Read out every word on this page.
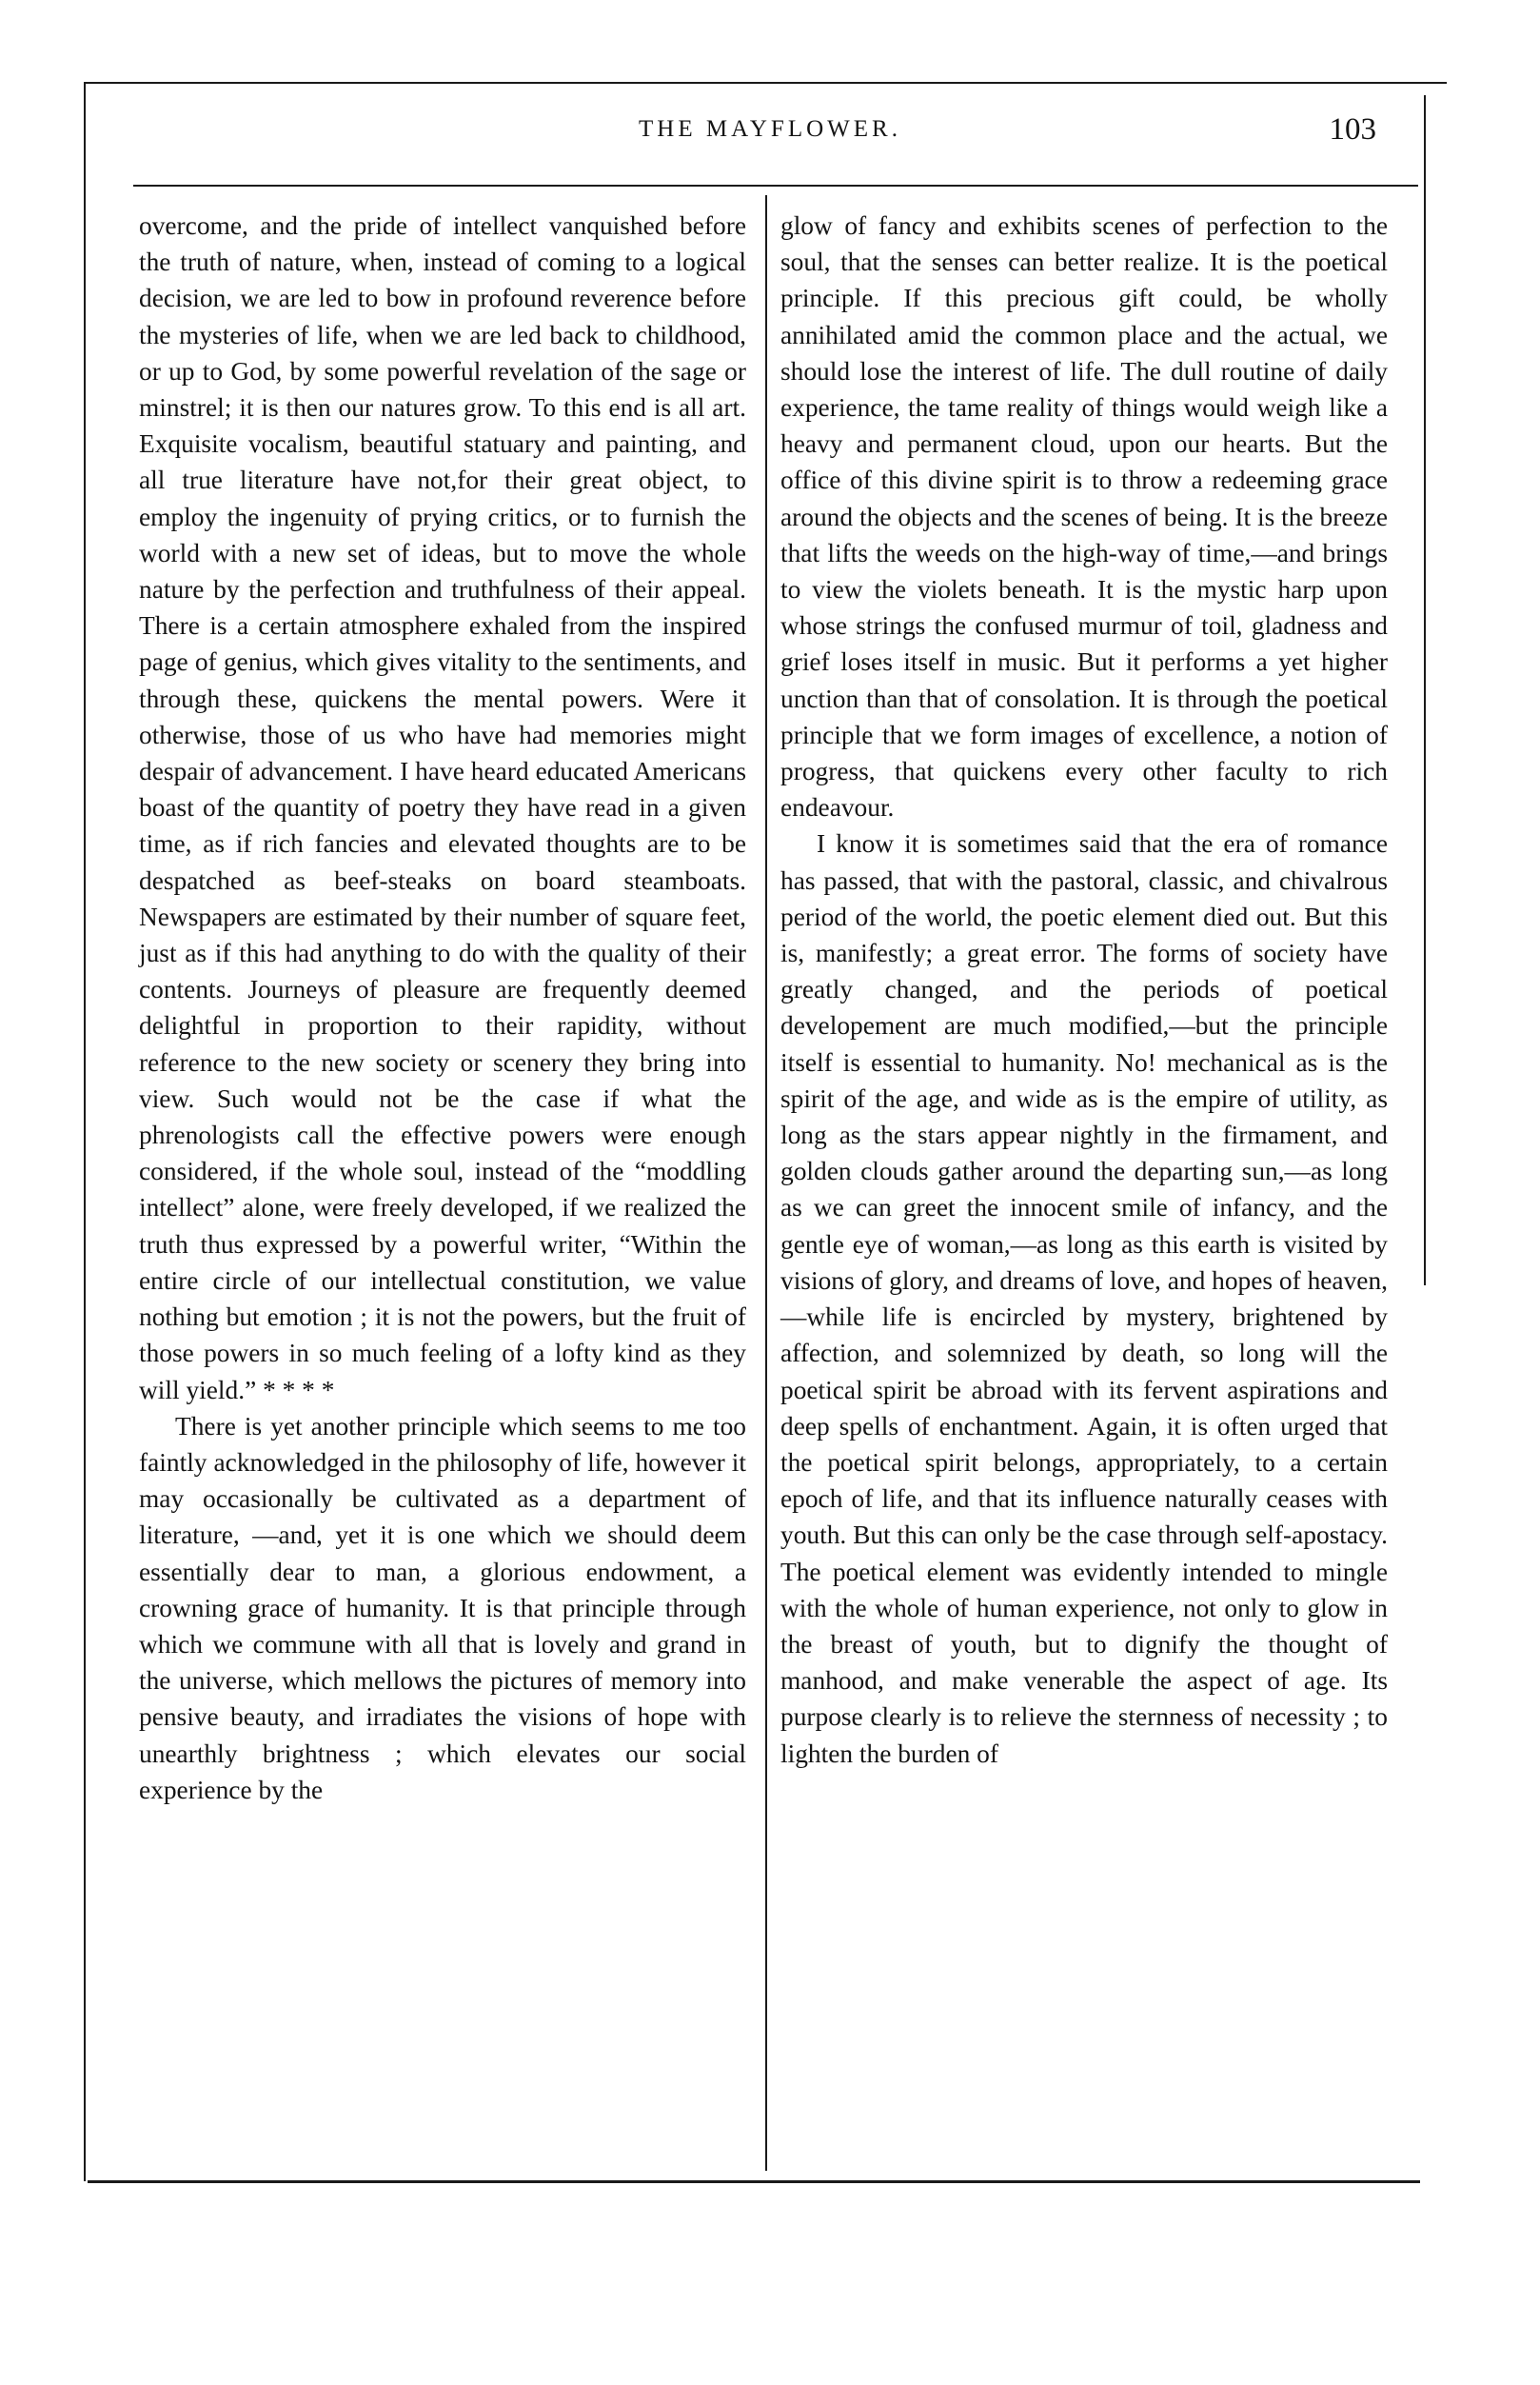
THE MAYFLOWER.	103

overcome, and the pride of intellect vanquished before the truth of nature, when, instead of coming to a logical decision, we are led to bow in profound reverence before the mysteries of life, when we are led back to childhood, or up to God, by some powerful revelation of the sage or minstrel; it is then our natures grow. To this end is all art. Exquisite vocalism, beautiful statuary and painting, and all true literature have not,for their great object, to employ the ingenuity of prying critics, or to furnish the world with a new set of ideas, but to move the whole nature by the perfection and truthfulness of their appeal. There is a certain atmosphere exhaled from the inspired page of genius, which gives vitality to the sentiments, and through these, quickens the mental powers. Were it otherwise, those of us who have had memories might despair of advancement. I have heard educated Americans boast of the quantity of poetry they have read in a given time, as if rich fancies and elevated thoughts are to be despatched as beef-steaks on board steamboats. Newspapers are estimated by their number of square feet, just as if this had anything to do with the quality of their contents. Journeys of pleasure are frequently deemed delightful in proportion to their rapidity, without reference to the new society or scenery they bring into view. Such would not be the case if what the phrenologists call the effective powers were enough considered, if the whole soul, instead of the “moddling intellect” alone, were freely developed, if we realized the truth thus expressed by a powerful writer, “Within the entire circle of our intellectual constitution, we value nothing but emotion ; it is not the powers, but the fruit of those powers in so much feeling of a lofty kind as they will yield.” * * * *

There is yet another principle which seems to me too faintly acknowledged in the philosophy of life, however it may occasionally be cultivated as a department of literature, —and, yet it is one which we should deem essentially dear to man, a glorious endowment, a crowning grace of humanity. It is that principle through which we commune with all that is lovely and grand in the universe, which mellows the pictures of memory into pensive beauty, and irradiates the visions of hope with unearthly brightness ; which elevates our social experience by the

glow of fancy and exhibits scenes of perfection to the soul, that the senses can better realize. It is the poetical principle. If this precious gift could, be wholly annihilated amid the common place and the actual, we should lose the interest of life. The dull routine of daily experience, the tame reality of things would weigh like a heavy and permanent cloud, upon our hearts. But the office of this divine spirit is to throw a redeeming grace around the objects and the scenes of being. It is the breeze that lifts the weeds on the high-way of time,—and brings to view the violets beneath. It is the mystic harp upon whose strings the confused murmur of toil, gladness and grief loses itself in music. But it performs a yet higher unction than that of consolation. It is through the poetical principle that we form images of excellence, a notion of progress, that quickens every other faculty to rich endeavour.

I know it is sometimes said that the era of romance has passed, that with the pastoral, classic, and chivalrous period of the world, the poetic element died out. But this is, manifestly; a great error. The forms of society have greatly changed, and the periods of poetical developement are much modified,—but the principle itself is essential to humanity. No! mechanical as is the spirit of the age, and wide as is the empire of utility, as long as the stars appear nightly in the firmament, and golden clouds gather around the departing sun,—as long as we can greet the innocent smile of infancy, and the gentle eye of woman,—as long as this earth is visited by visions of glory, and dreams of love, and hopes of heaven,—while life is encircled by mystery, brightened by affection, and solemnized by death, so long will the poetical spirit be abroad with its fervent aspirations and deep spells of enchantment. Again, it is often urged that the poetical spirit belongs, appropriately, to a certain epoch of life, and that its influence naturally ceases with youth. But this can only be the case through self-apostacy. The poetical element was evidently intended to mingle with the whole of human experience, not only to glow in the breast of youth, but to dignify the thought of manhood, and make venerable the aspect of age. Its purpose clearly is to relieve the sternness of necessity ; to lighten the burden of
